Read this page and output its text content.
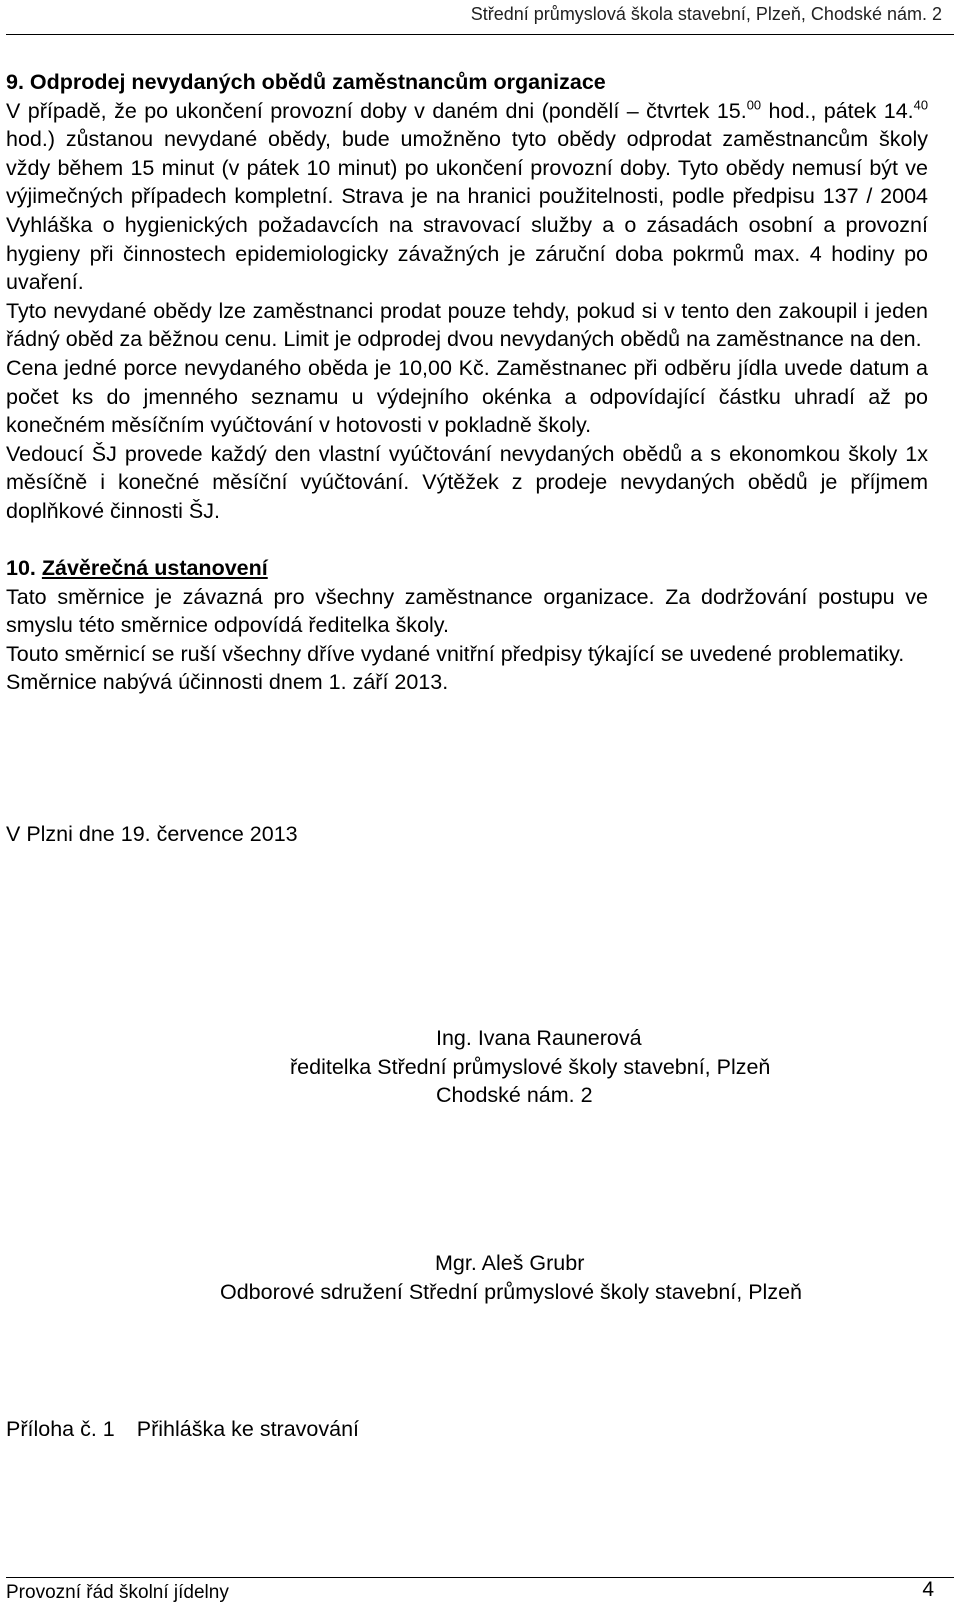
Střední průmyslová škola stavební, Plzeň, Chodské nám. 2

9. Odprodej nevydaných obědů zaměstnancům organizace

V případě, že po ukončení provozní doby v daném dni (pondělí – čtvrtek 15.00 hod., pátek 14.40 hod.) zůstanou nevydané obědy, bude umožněno tyto obědy odprodat zaměstnancům školy vždy během 15 minut (v pátek 10 minut) po ukončení provozní doby. Tyto obědy nemusí být ve výjimečných případech kompletní. Strava je na hranici použitelnosti, podle předpisu 137 / 2004 Vyhláška o hygienických požadavcích na stravovací služby a o zásadách osobní a provozní hygieny při činnostech epidemiologicky závažných je záruční doba pokrmů max. 4 hodiny po uvaření.

Tyto nevydané obědy lze zaměstnanci prodat pouze tehdy, pokud si v tento den zakoupil i jeden řádný oběd za běžnou cenu. Limit je odprodej dvou nevydaných obědů na zaměstnance na den.

Cena jedné porce nevydaného oběda je 10,00 Kč. Zaměstnanec při odběru jídla uvede datum a počet ks do jmenného seznamu u výdejního okénka a odpovídající částku uhradí až po konečném měsíčním vyúčtování v hotovosti v pokladně školy.

Vedoucí ŠJ provede každý den vlastní vyúčtování nevydaných obědů a s ekonomkou školy 1x měsíčně i konečné měsíční vyúčtování. Výtěžek z prodeje nevydaných obědů je příjmem doplňkové činnosti ŠJ.

10. Závěrečná ustanovení

Tato směrnice je závazná pro všechny zaměstnance organizace. Za dodržování postupu ve smyslu této směrnice odpovídá ředitelka školy.

Touto směrnicí se ruší všechny dříve vydané vnitřní předpisy týkající se uvedené problematiky.

Směrnice nabývá účinnosti dnem 1. září 2013.

V Plzni dne 19. července 2013
Ing. Ivana Raunerová
ředitelka Střední průmyslové školy stavební, Plzeň
Chodské nám. 2
Mgr. Aleš Grubr
Odborové sdružení Střední průmyslové školy stavební, Plzeň
Příloha č. 1 Přihláška ke stravování
Provozní řád školní jídelny	4
